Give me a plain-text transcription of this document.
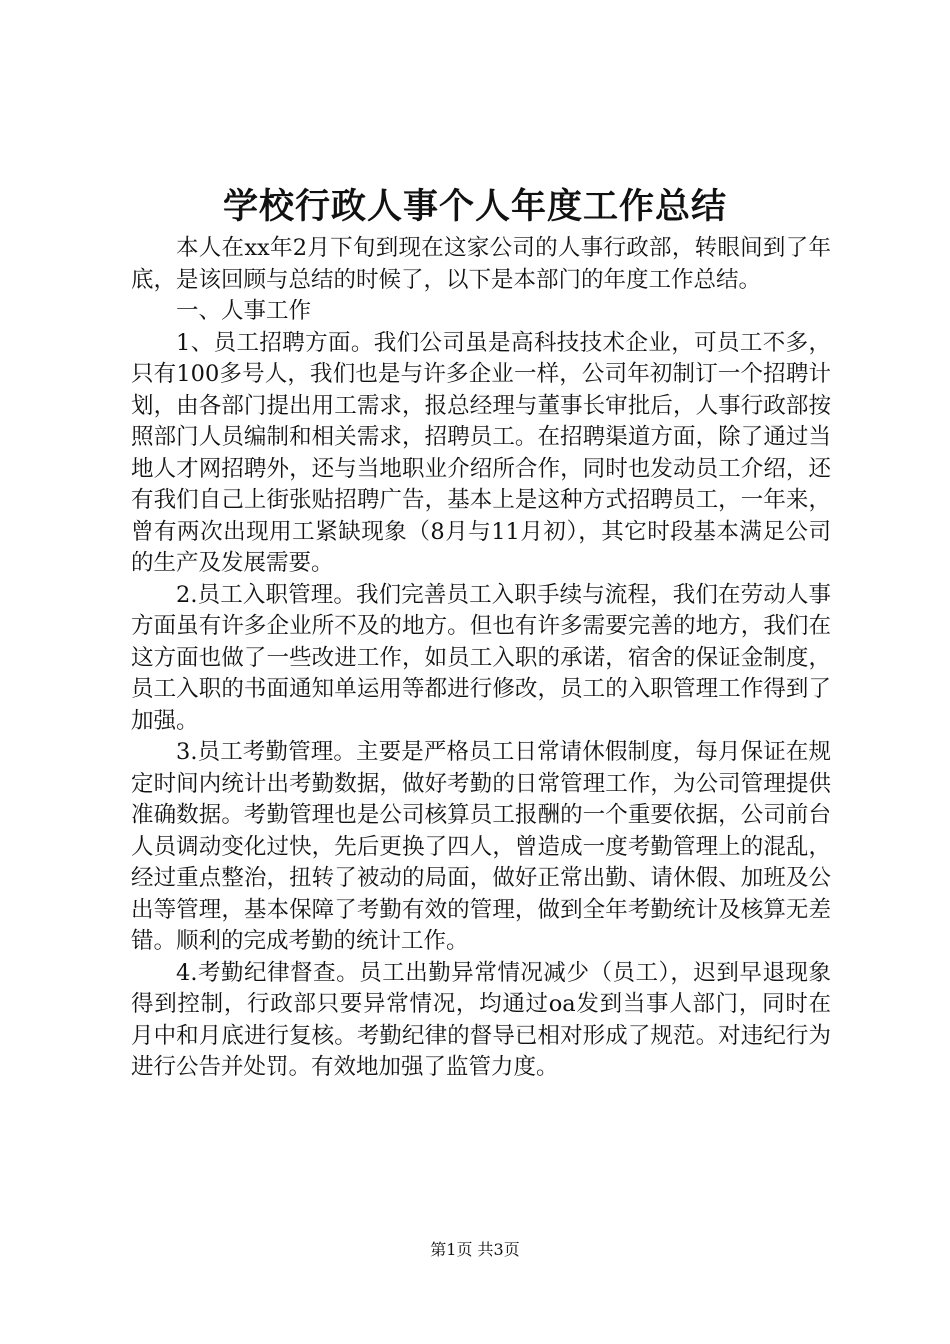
学校行政人事个人年度工作总结

本人在xx年2月下旬到现在这家公司的人事行政部，转眼间到了年底，是该回顾与总结的时候了，以下是本部门的年度工作总结。

一、人事工作

1、员工招聘方面。我们公司虽是高科技技术企业，可员工不多，只有100多号人，我们也是与许多企业一样，公司年初制订一个招聘计划，由各部门提出用工需求，报总经理与董事长审批后，人事行政部按照部门人员编制和相关需求，招聘员工。在招聘渠道方面，除了通过当地人才网招聘外，还与当地职业介绍所合作，同时也发动员工介绍，还有我们自己上街张贴招聘广告，基本上是这种方式招聘员工，一年来，曾有两次出现用工紧缺现象（8月与11月初），其它时段基本满足公司的生产及发展需要。

2.员工入职管理。我们完善员工入职手续与流程，我们在劳动人事方面虽有许多企业所不及的地方。但也有许多需要完善的地方，我们在这方面也做了一些改进工作，如员工入职的承诺，宿舍的保证金制度，员工入职的书面通知单运用等都进行修改，员工的入职管理工作得到了加强。

3.员工考勤管理。主要是严格员工日常请休假制度，每月保证在规定时间内统计出考勤数据，做好考勤的日常管理工作，为公司管理提供准确数据。考勤管理也是公司核算员工报酬的一个重要依据，公司前台人员调动变化过快，先后更换了四人，曾造成一度考勤管理上的混乱，经过重点整治，扭转了被动的局面，做好正常出勤、请休假、加班及公出等管理，基本保障了考勤有效的管理，做到全年考勤统计及核算无差错。顺利的完成考勤的统计工作。

4.考勤纪律督查。员工出勤异常情况减少（员工），迟到早退现象得到控制，行政部只要异常情况，均通过oa发到当事人部门，同时在月中和月底进行复核。考勤纪律的督导已相对形成了规范。对违纪行为进行公告并处罚。有效地加强了监管力度。

第1页 共3页
